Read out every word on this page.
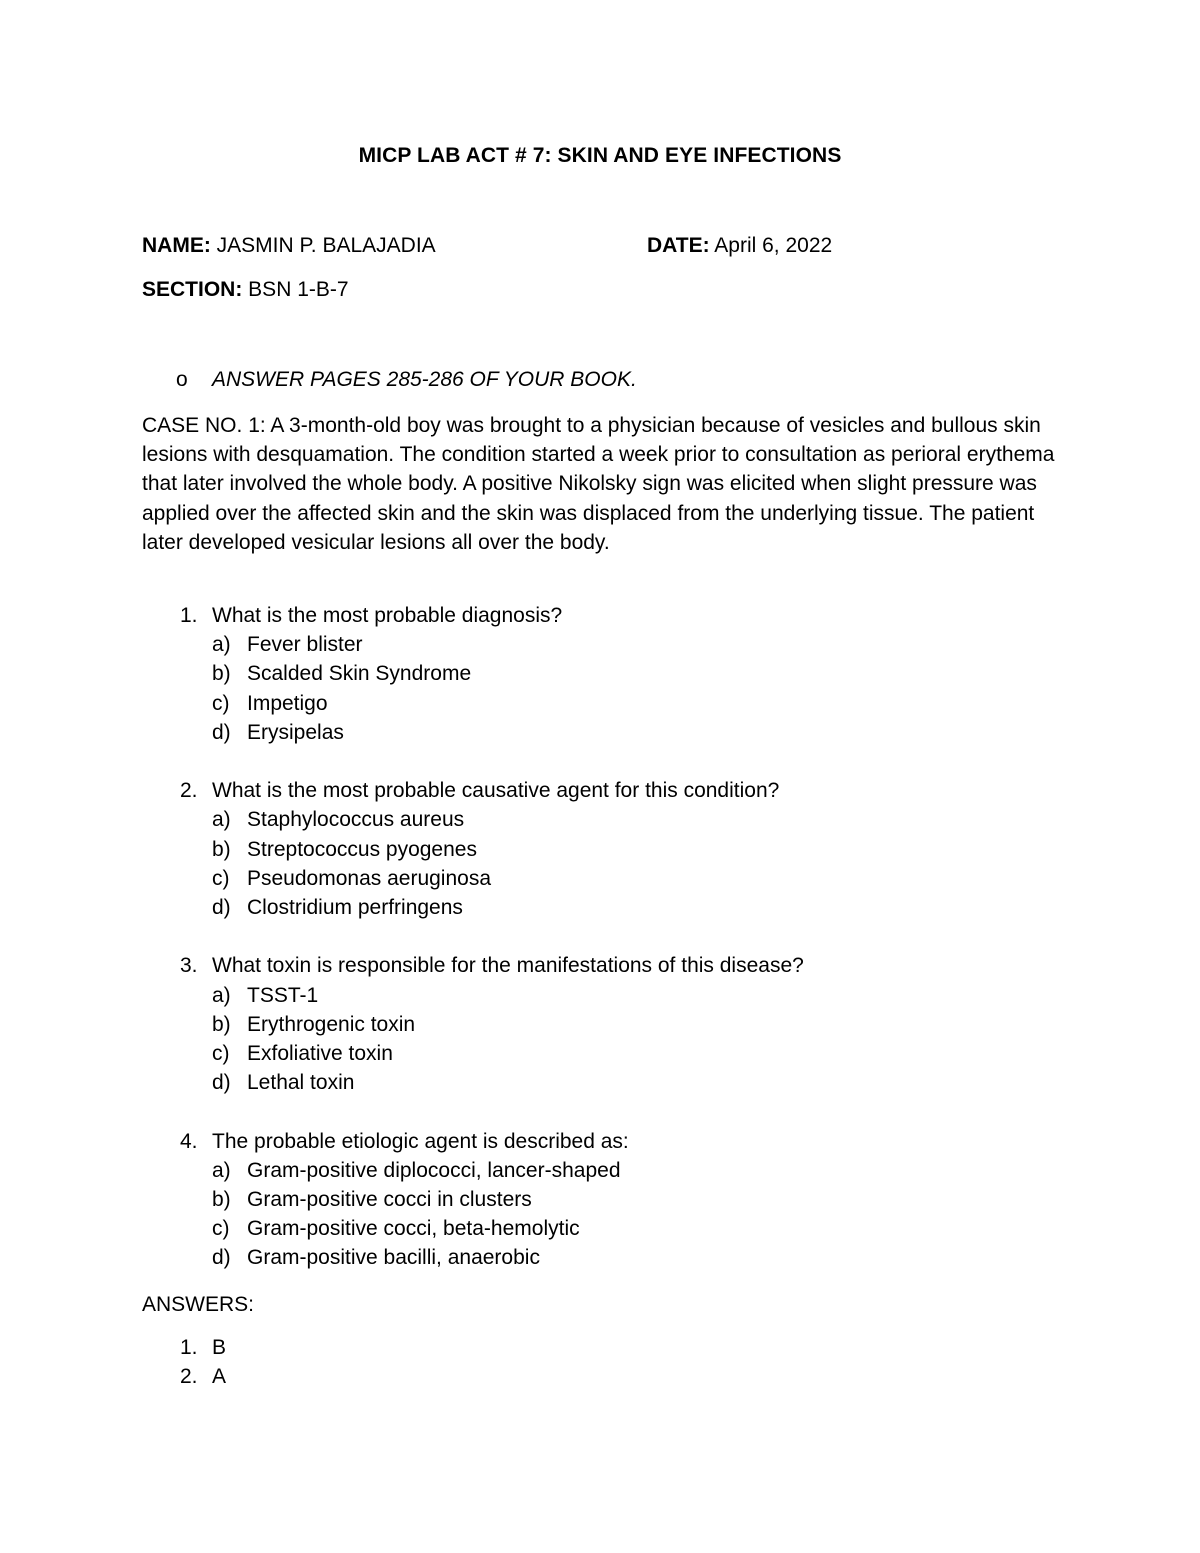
MICP LAB ACT # 7: SKIN AND EYE INFECTIONS
NAME: JASMIN P. BALAJADIA	DATE: April 6, 2022
SECTION: BSN 1-B-7
o ANSWER PAGES 285-286 OF YOUR BOOK.
CASE NO. 1: A 3-month-old boy was brought to a physician because of vesicles and bullous skin lesions with desquamation. The condition started a week prior to consultation as perioral erythema that later involved the whole body. A positive Nikolsky sign was elicited when slight pressure was applied over the affected skin and the skin was displaced from the underlying tissue. The patient later developed vesicular lesions all over the body.
1. What is the most probable diagnosis?
a) Fever blister
b) Scalded Skin Syndrome
c) Impetigo
d) Erysipelas
2. What is the most probable causative agent for this condition?
a) Staphylococcus aureus
b) Streptococcus pyogenes
c) Pseudomonas aeruginosa
d) Clostridium perfringens
3. What toxin is responsible for the manifestations of this disease?
a) TSST-1
b) Erythrogenic toxin
c) Exfoliative toxin
d) Lethal toxin
4. The probable etiologic agent is described as:
a) Gram-positive diplococci, lancer-shaped
b) Gram-positive cocci in clusters
c) Gram-positive cocci, beta-hemolytic
d) Gram-positive bacilli, anaerobic
ANSWERS:
1. B
2. A
